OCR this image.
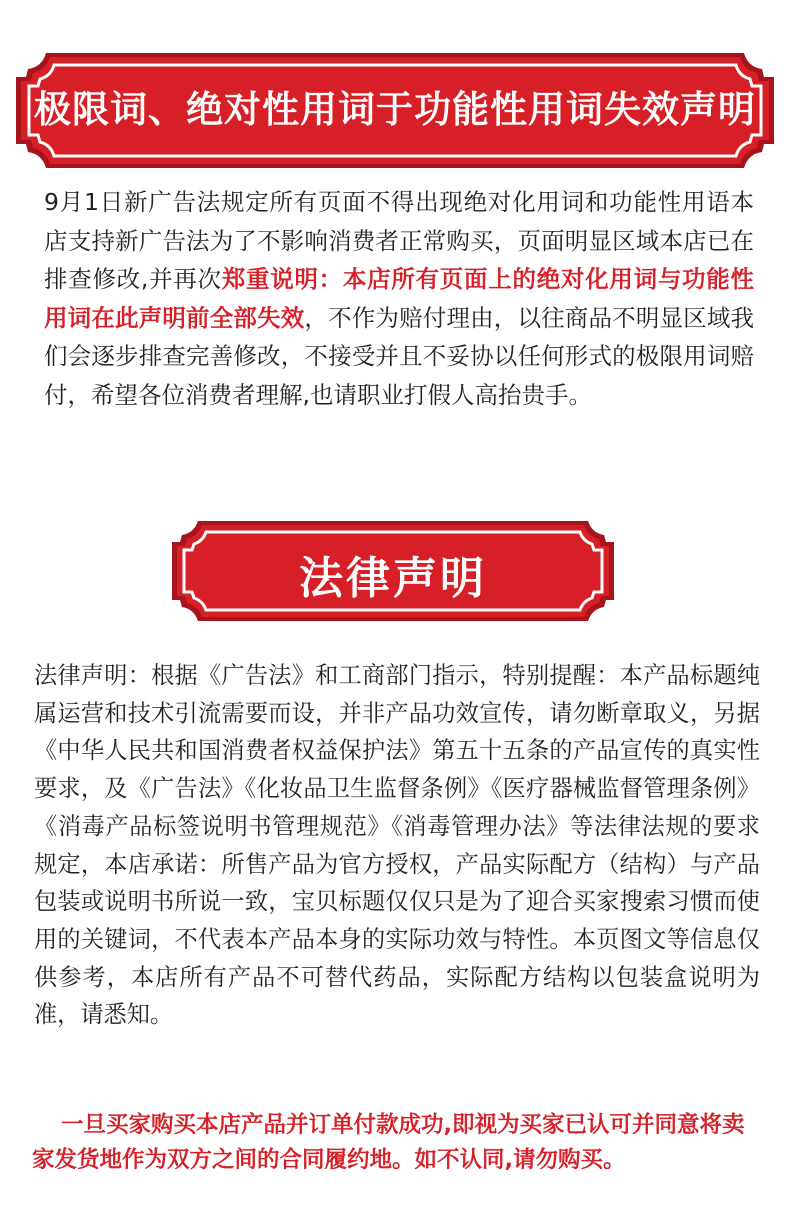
极限词、绝对性用词于功能性用词失效声明
9月1日新广告法规定所有页面不得出现绝对化用词和功能性用语本店支持新广告法为了不影响消费者正常购买，页面明显区域本店已在排查修改,并再次郑重说明：本店所有页面上的绝对化用词与功能性用词在此声明前全部失效，不作为赔付理由，以往商品不明显区域我们会逐步排查完善修改，不接受并且不妥协以任何形式的极限用词赔付，希望各位消费者理解,也请职业打假人高抬贵手。
法律声明
法律声明：根据《广告法》和工商部门指示，特别提醒：本产品标题纯属运营和技术引流需要而设，并非产品功效宣传，请勿断章取义，另据《中华人民共和国消费者权益保护法》第五十五条的产品宣传的真实性要求，及《广告法》《化妆品卫生监督条例》《医疗器械监督管理条例》《消毒产品标签说明书管理规范》《消毒管理办法》等法律法规的要求规定，本店承诺：所售产品为官方授权，产品实际配方（结构）与产品包装或说明书所说一致，宝贝标题仅仅只是为了迎合买家搜索习惯而使用的关键词，不代表本产品本身的实际功效与特性。本页图文等信息仅供参考，本店所有产品不可替代药品，实际配方结构以包装盒说明为准，请悉知。
一旦买家购买本店产品并订单付款成功,即视为买家已认可并同意将卖家发货地作为双方之间的合同履约地。如不认同,请勿购买。
